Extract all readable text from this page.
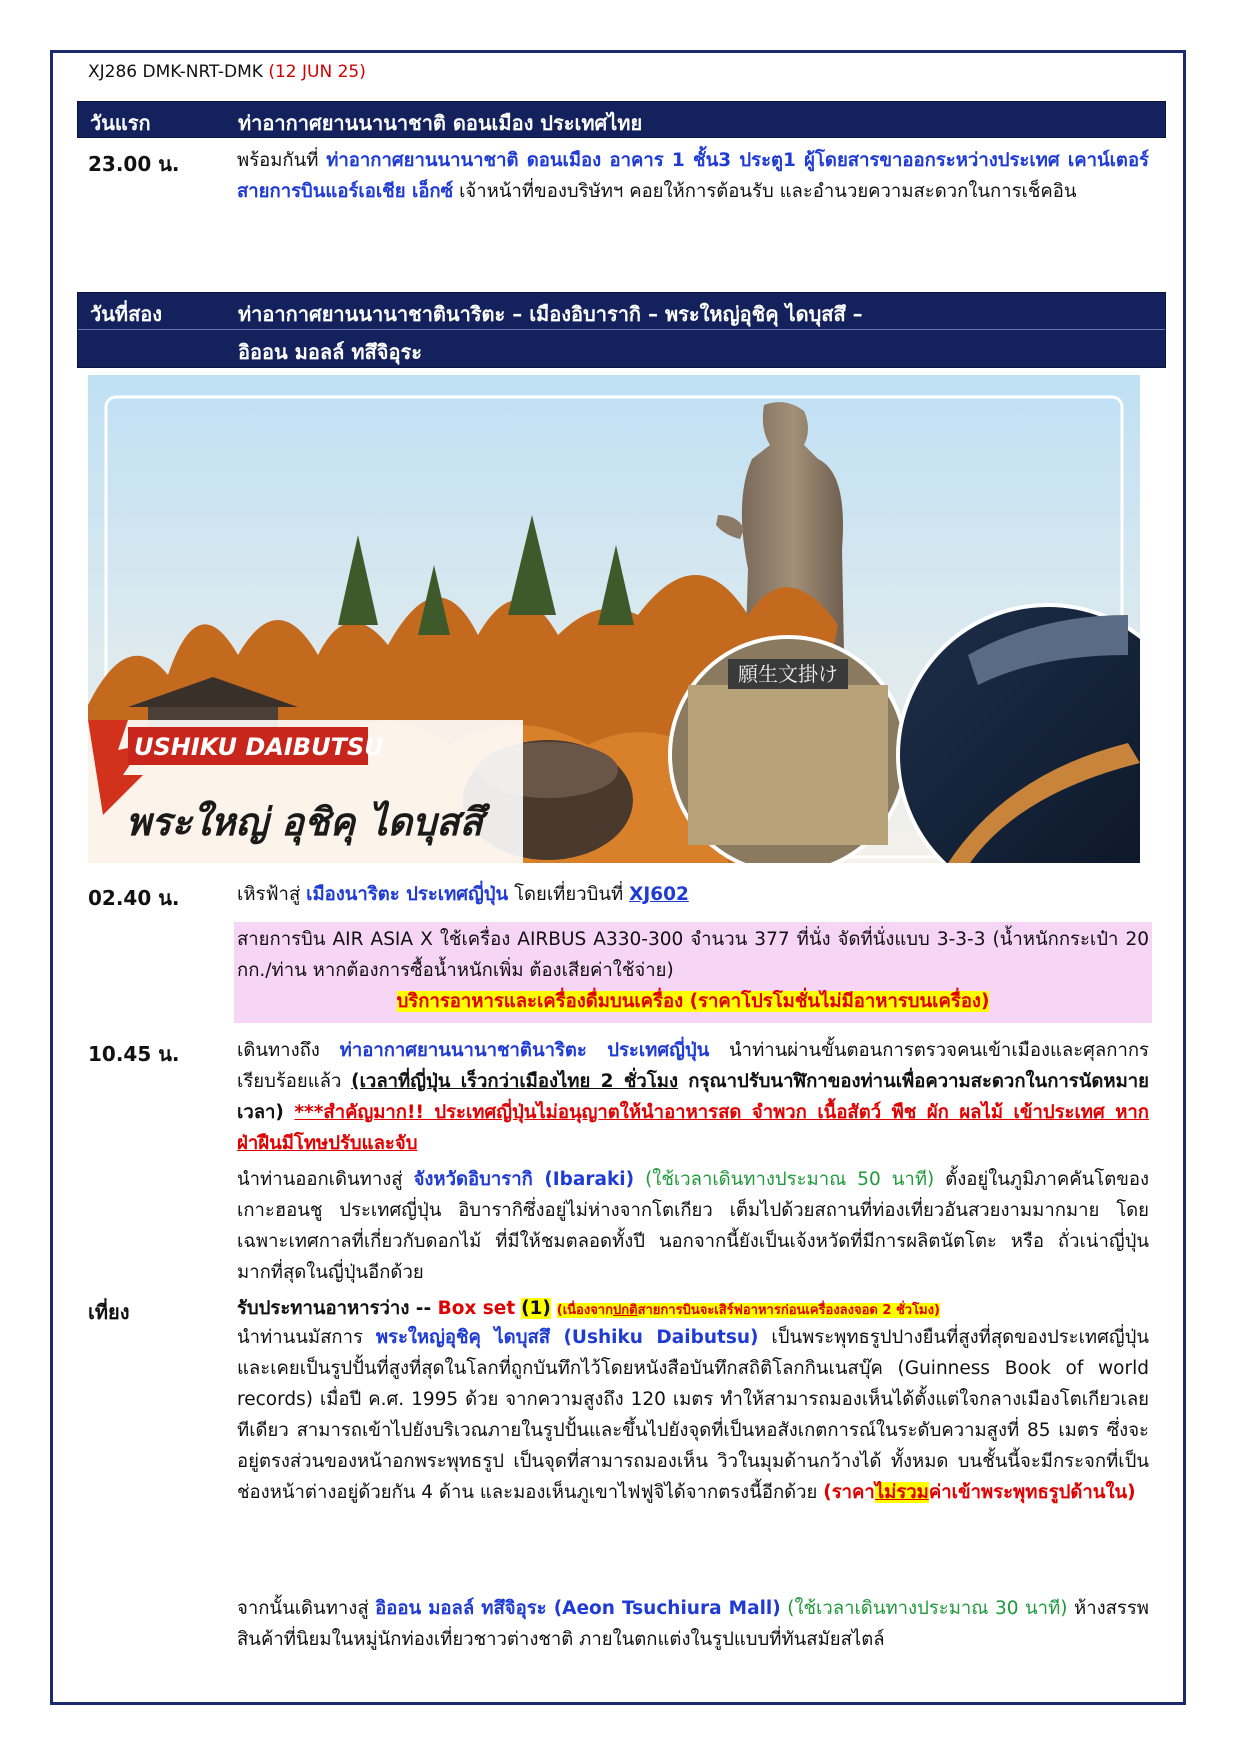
XJ286 DMK-NRT-DMK (12 JUN 25)
วันแรก	ท่าอากาศยานนานาชาติ ดอนเมือง ประเทศไทย
23.00 น.	พร้อมกันที่ ท่าอากาศยานนานาชาติ ดอนเมือง อาคาร 1 ชั้น3 ประตู1 ผู้โดยสารขาออกระหว่างประเทศ เคาน์เตอร์ สายการบินแอร์เอเชีย เอ็กซ์ เจ้าหน้าที่ของบริษัทฯ คอยให้การต้อนรับ และอำนวยความสะดวกในการเช็คอิน
วันที่สอง	ท่าอากาศยานนานาชาตินาริตะ – เมืองอิบารากิ – พระใหญ่อุชิคุ ไดบุสสึ –
อิออน มอลล์ ทสึจิอุระ
願生文掛け
USHIKU DAIBUTSU
พระใหญ่ อุชิคุ ไดบุสสึ
02.40 น.	เหิรฟ้าสู่ เมืองนาริตะ ประเทศญี่ปุ่น โดยเที่ยวบินที่ XJ602
สายการบิน AIR ASIA X ใช้เครื่อง AIRBUS A330-300 จำนวน 377 ที่นั่ง จัดที่นั่งแบบ 3-3-3 (น้ำหนักกระเป๋า 20 กก./ท่าน หากต้องการซื้อน้ำหนักเพิ่ม ต้องเสียค่าใช้จ่าย)
บริการอาหารและเครื่องดื่มบนเครื่อง (ราคาโปรโมชั่นไม่มีอาหารบนเครื่อง)
10.45 น.	เดินทางถึง ท่าอากาศยานนานาชาตินาริตะ ประเทศญี่ปุ่น นำท่านผ่านขั้นตอนการตรวจคนเข้าเมืองและศุลกากร เรียบร้อยแล้ว (เวลาที่ญี่ปุ่น เร็วกว่าเมืองไทย 2 ชั่วโมง กรุณาปรับนาฬิกาของท่านเพื่อความสะดวกในการนัดหมายเวลา) ***สำคัญมาก!! ประเทศญี่ปุ่นไม่อนุญาตให้นำอาหารสด จำพวก เนื้อสัตว์ พืช ผัก ผลไม้ เข้าประเทศ หากฝ่าฝืนมีโทษปรับและจับ
นำท่านออกเดินทางสู่ จังหวัดอิบารากิ (Ibaraki) (ใช้เวลาเดินทางประมาณ 50 นาที) ตั้งอยู่ในภูมิภาคคันโตของเกาะฮอนชู ประเทศญี่ปุ่น อิบารากิซึ่งอยู่ไม่ห่างจากโตเกียว เต็มไปด้วยสถานที่ท่องเที่ยวอันสวยงามมากมาย โดยเฉพาะเทศกาลที่เกี่ยวกับดอกไม้ ที่มีให้ชมตลอดทั้งปี นอกจากนี้ยังเป็นเจ้งหวัดที่มีการผลิตนัตโตะ หรือ ถั่วเน่าญี่ปุ่น มากที่สุดในญี่ปุ่นอีกด้วย
เที่ยง	รับประทานอาหารว่าง -- Box set (1) (เนื่องจากปกติสายการบินจะเสิร์ฟอาหารก่อนเครื่องลงจอด 2 ชั่วโมง)
นำท่านนมัสการ พระใหญ่อุชิคุ ไดบุสสึ (Ushiku Daibutsu) เป็นพระพุทธรูปปางยืนที่สูงที่สุดของประเทศญี่ปุ่น และเคยเป็นรูปปั้นที่สูงที่สุดในโลกที่ถูกบันทึกไว้โดยหนังสือบันทึกสถิติโลกกินเนสบุ๊ค (Guinness Book of world records) เมื่อปี ค.ศ. 1995 ด้วย จากความสูงถึง 120 เมตร ทำให้สามารถมองเห็นได้ตั้งแต่ใจกลางเมืองโตเกียวเลยทีเดียว สามารถเข้าไปยังบริเวณภายในรูปปั้นและขึ้นไปยังจุดที่เป็นหอสังเกตการณ์ในระดับความสูงที่ 85 เมตร ซึ่งจะอยู่ตรงส่วนของหน้าอกพระพุทธรูป เป็นจุดที่สามารถมองเห็น วิวในมุมด้านกว้างได้ ทั้งหมด บนชั้นนี้จะมีกระจกที่เป็นช่องหน้าต่างอยู่ด้วยกัน 4 ด้าน และมองเห็นภูเขาไฟฟูจิได้จากตรงนี้อีกด้วย (ราคาไม่รวมค่าเข้าพระพุทธรูปด้านใน)
จากนั้นเดินทางสู่ อิออน มอลล์ ทสึจิอุระ (Aeon Tsuchiura Mall) (ใช้เวลาเดินทางประมาณ 30 นาที) ห้างสรรพสินค้าที่นิยมในหมู่นักท่องเที่ยวชาวต่างชาติ ภายในตกแต่งในรูปแบบที่ทันสมัยสไตล์
